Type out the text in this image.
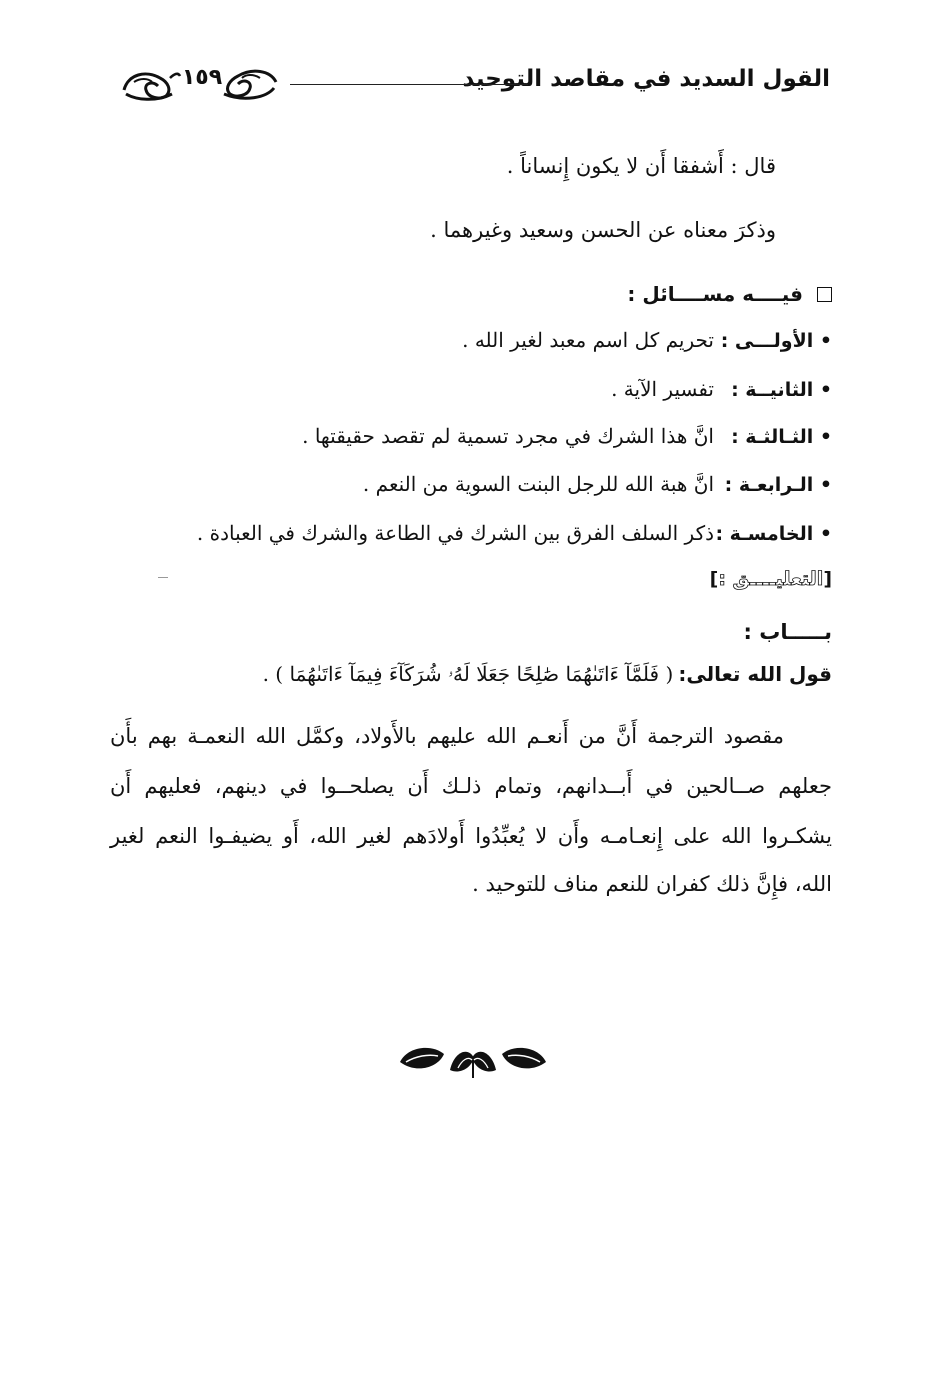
القول السديد في مقاصد التوحيد
١٥٩
قال : أَشفقا أَن لا يكون إِنساناً .
وذكرَ معناه عن الحسن وسعيد وغيرهما .
فيــــه مســــائل :
• الأولـــى :تحريم كل اسم معبد لغير الله .
• الثانيــة :تفسير الآية .
• الثـالثـة :انَّ هذا الشرك في مجرد تسمية لم تقصد حقيقتها .
• الـرابعـة :انَّ هبة الله للرجل البنت السوية من النعم .
• الخامسـة :ذكر السلف الفرق بين الشرك في الطاعة والشرك في العبادة .
[التعليــــق :]
بـــــاب :
قول الله تعالى: ( فَلَمَّآ ءَاتَىٰهُمَا صَٰلِحًا جَعَلَا لَهُۥ شُرَكَآءَ فِيمَآ ءَاتَىٰهُمَا ) .
مقصود الترجمة أَنَّ من أَنعـم الله عليهم بالأَولاد، وكمَّل الله النعمـة بهم بأَن
جعلهم صــالحين في أَبــدانهم، وتمام ذلـك أَن يصلحــوا في دينهم، فعليهم أَن
يشكـروا الله على إِنعـامـه وأَن لا يُعبِّدُوا أَولادَهم لغير الله، أَو يضيفـوا النعم لغير
الله، فإِنَّ ذلك كفران للنعم مناف للتوحيد .
